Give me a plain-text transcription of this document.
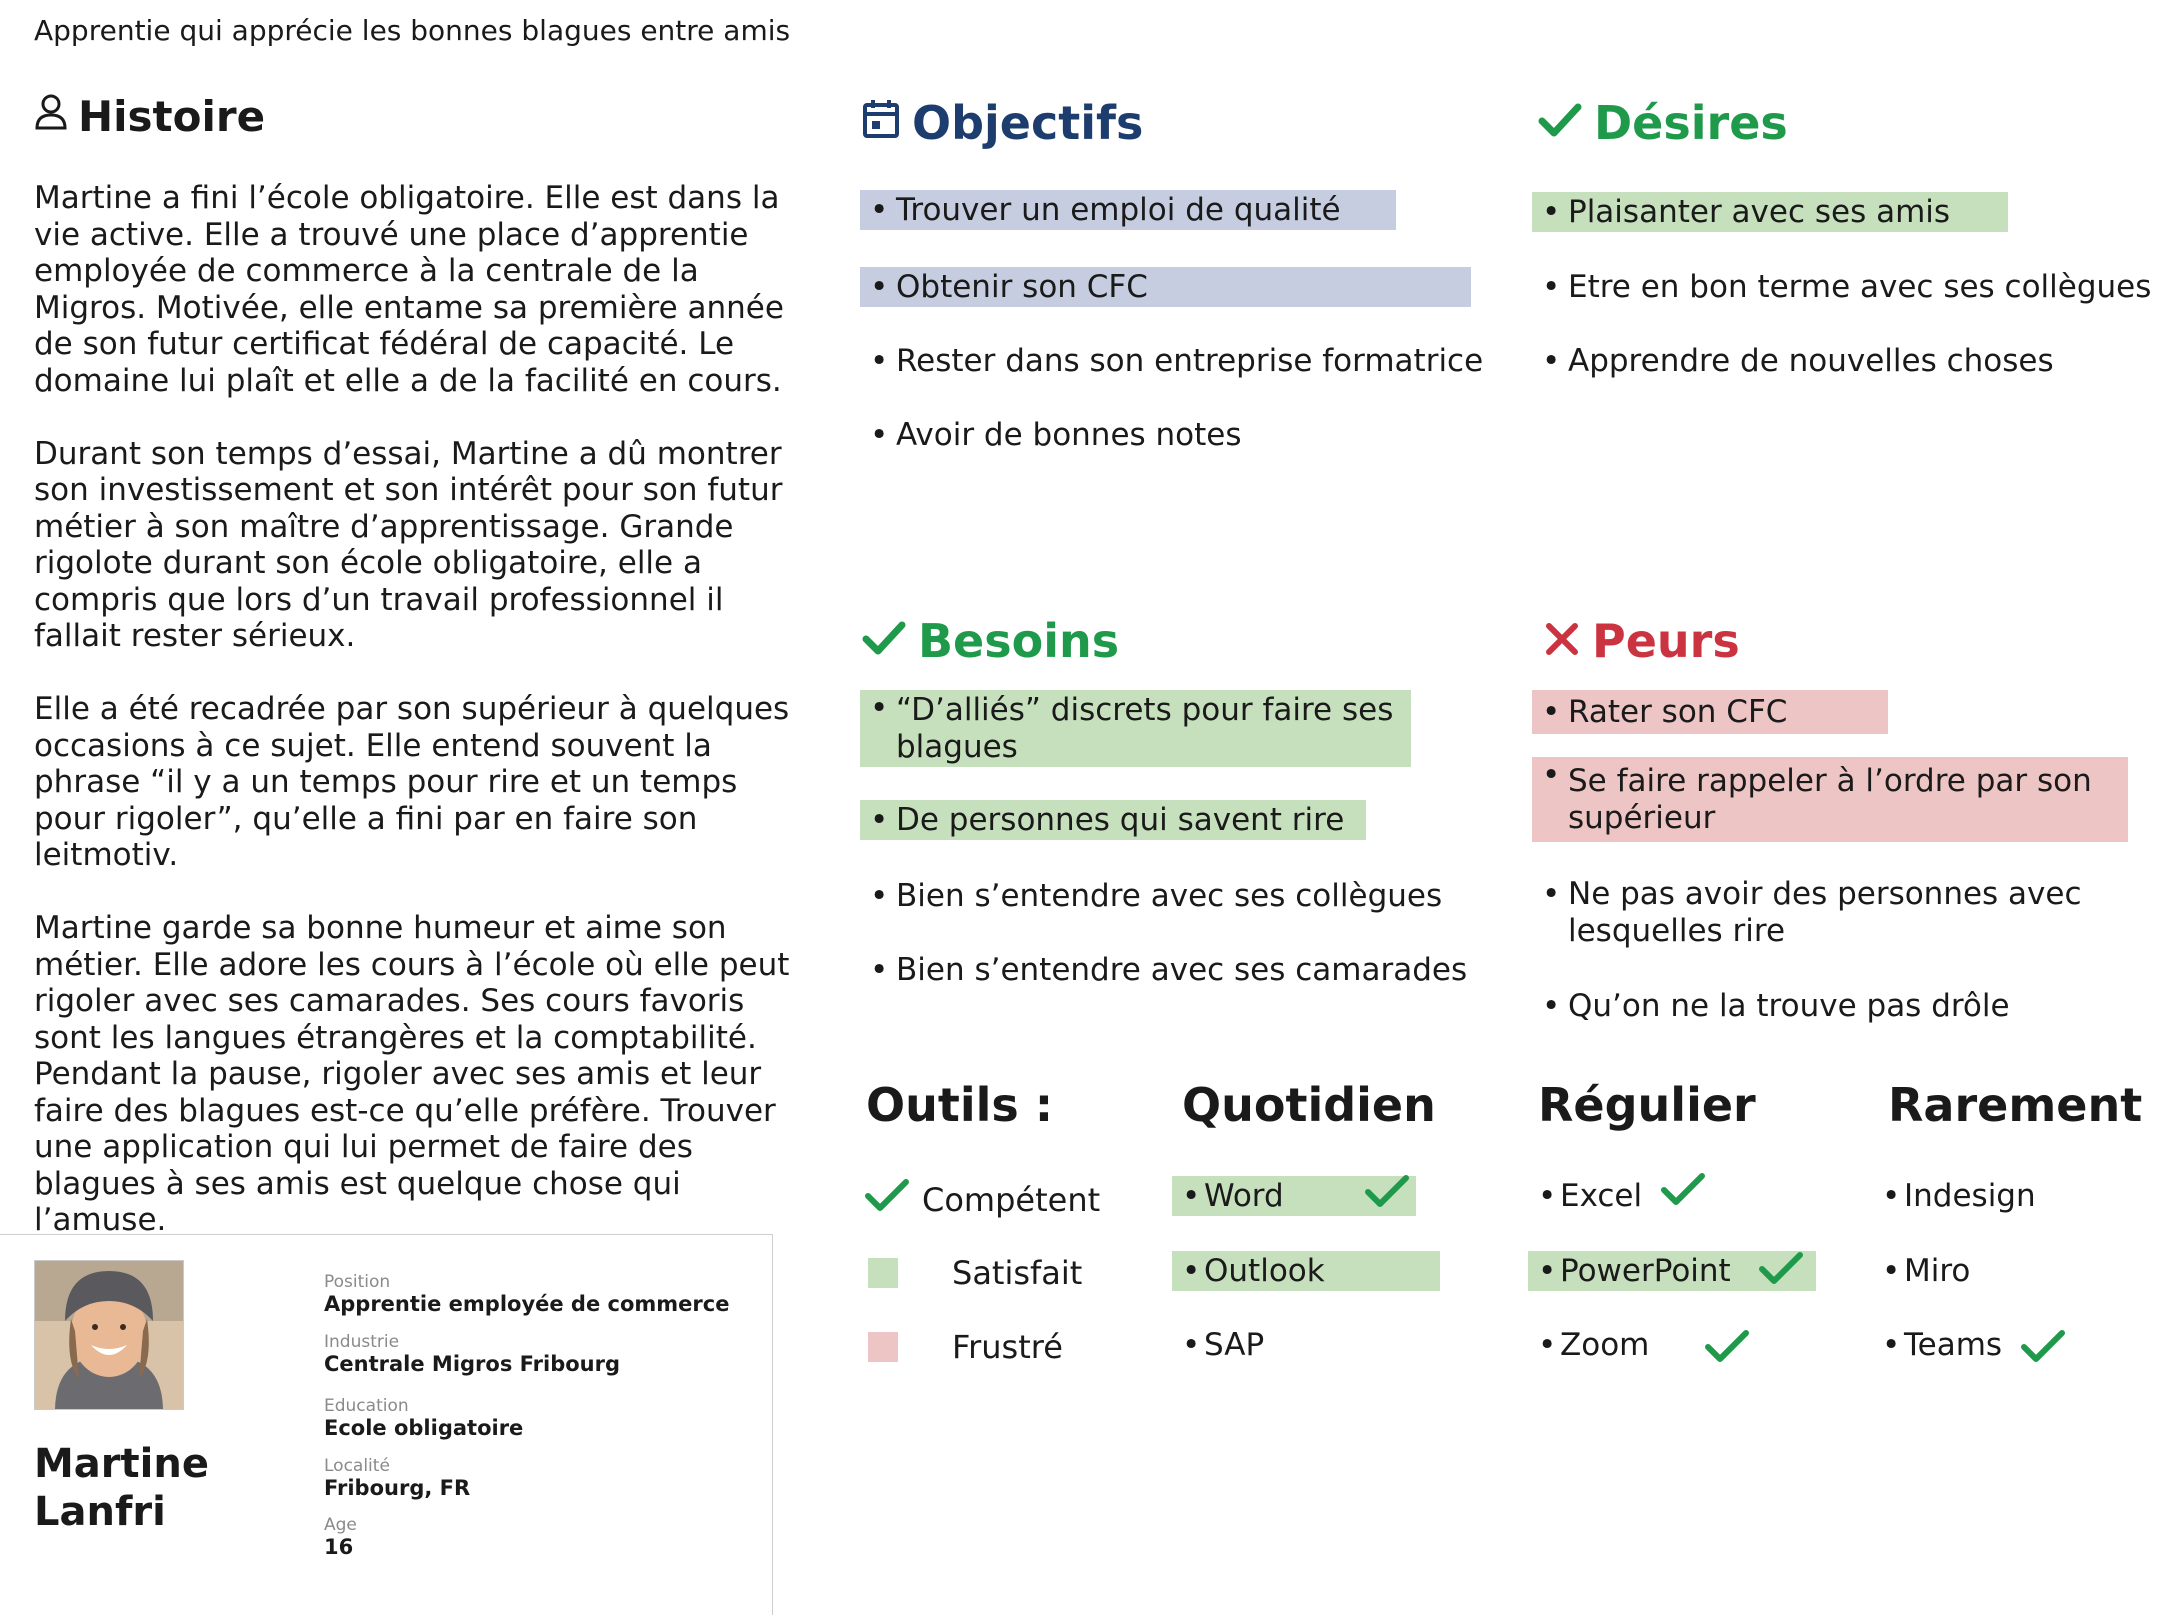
Apprentie qui apprécie les bonnes blagues entre amis
Histoire

Martine a fini l’école obligatoire. Elle est dans la vie active. Elle a trouvé une place d’apprentie employée de commerce à la centrale de la Migros. Motivée, elle entame sa première année de son futur certificat fédéral de capacité. Le domaine lui plaît et elle a de la facilité en cours.

Durant son temps d’essai, Martine a dû montrer son investissement et son intérêt pour son futur métier à son maître d’apprentissage. Grande rigolote durant son école obligatoire, elle a compris que lors d’un travail professionnel il fallait rester sérieux.

Elle a été recadrée par son supérieur à quelques occasions à ce sujet. Elle entend souvent la phrase “il y a un temps pour rire et un temps pour rigoler”, qu’elle a fini par en faire son leitmotiv.

Martine garde sa bonne humeur et aime son métier. Elle adore les cours à l’école où elle peut rigoler avec ses camarades. Ses cours favoris sont les langues étrangères et la comptabilité. Pendant la pause, rigoler avec ses amis et leur faire des blagues est-ce qu’elle préfère. Trouver une application qui lui permet de faire des blagues à ses amis est quelque chose qui l’amuse.

Objectifs
• Trouver un emploi de qualité
• Obtenir son CFC
• Rester dans son entreprise formatrice
• Avoir de bonnes notes
Désires
• Plaisanter avec ses amis
• Etre en bon terme avec ses collègues
• Apprendre de nouvelles choses
Besoins
• “D’alliés” discrets pour faire ses blagues
• De personnes qui savent rire
• Bien s’entendre avec ses collègues
• Bien s’entendre avec ses camarades
Peurs
• Rater son CFC
• Se faire rappeler à l’ordre par son supérieur
• Ne pas avoir des personnes avec lesquelles rire
• Qu’on ne la trouve pas drôle
Outils :	Quotidien Régulier	Rarement
Compétent
Satisfait
Frustré
• Word
• Outlook
• SAP
• Excel
• PowerPoint
• Zoom
• Indesign
• Miro
• Teams
Martine
Lanfri
Position
Apprentie employée de commerce
Industrie
Centrale Migros Fribourg
Education
Ecole obligatoire
Localité
Fribourg, FR
Age
16
